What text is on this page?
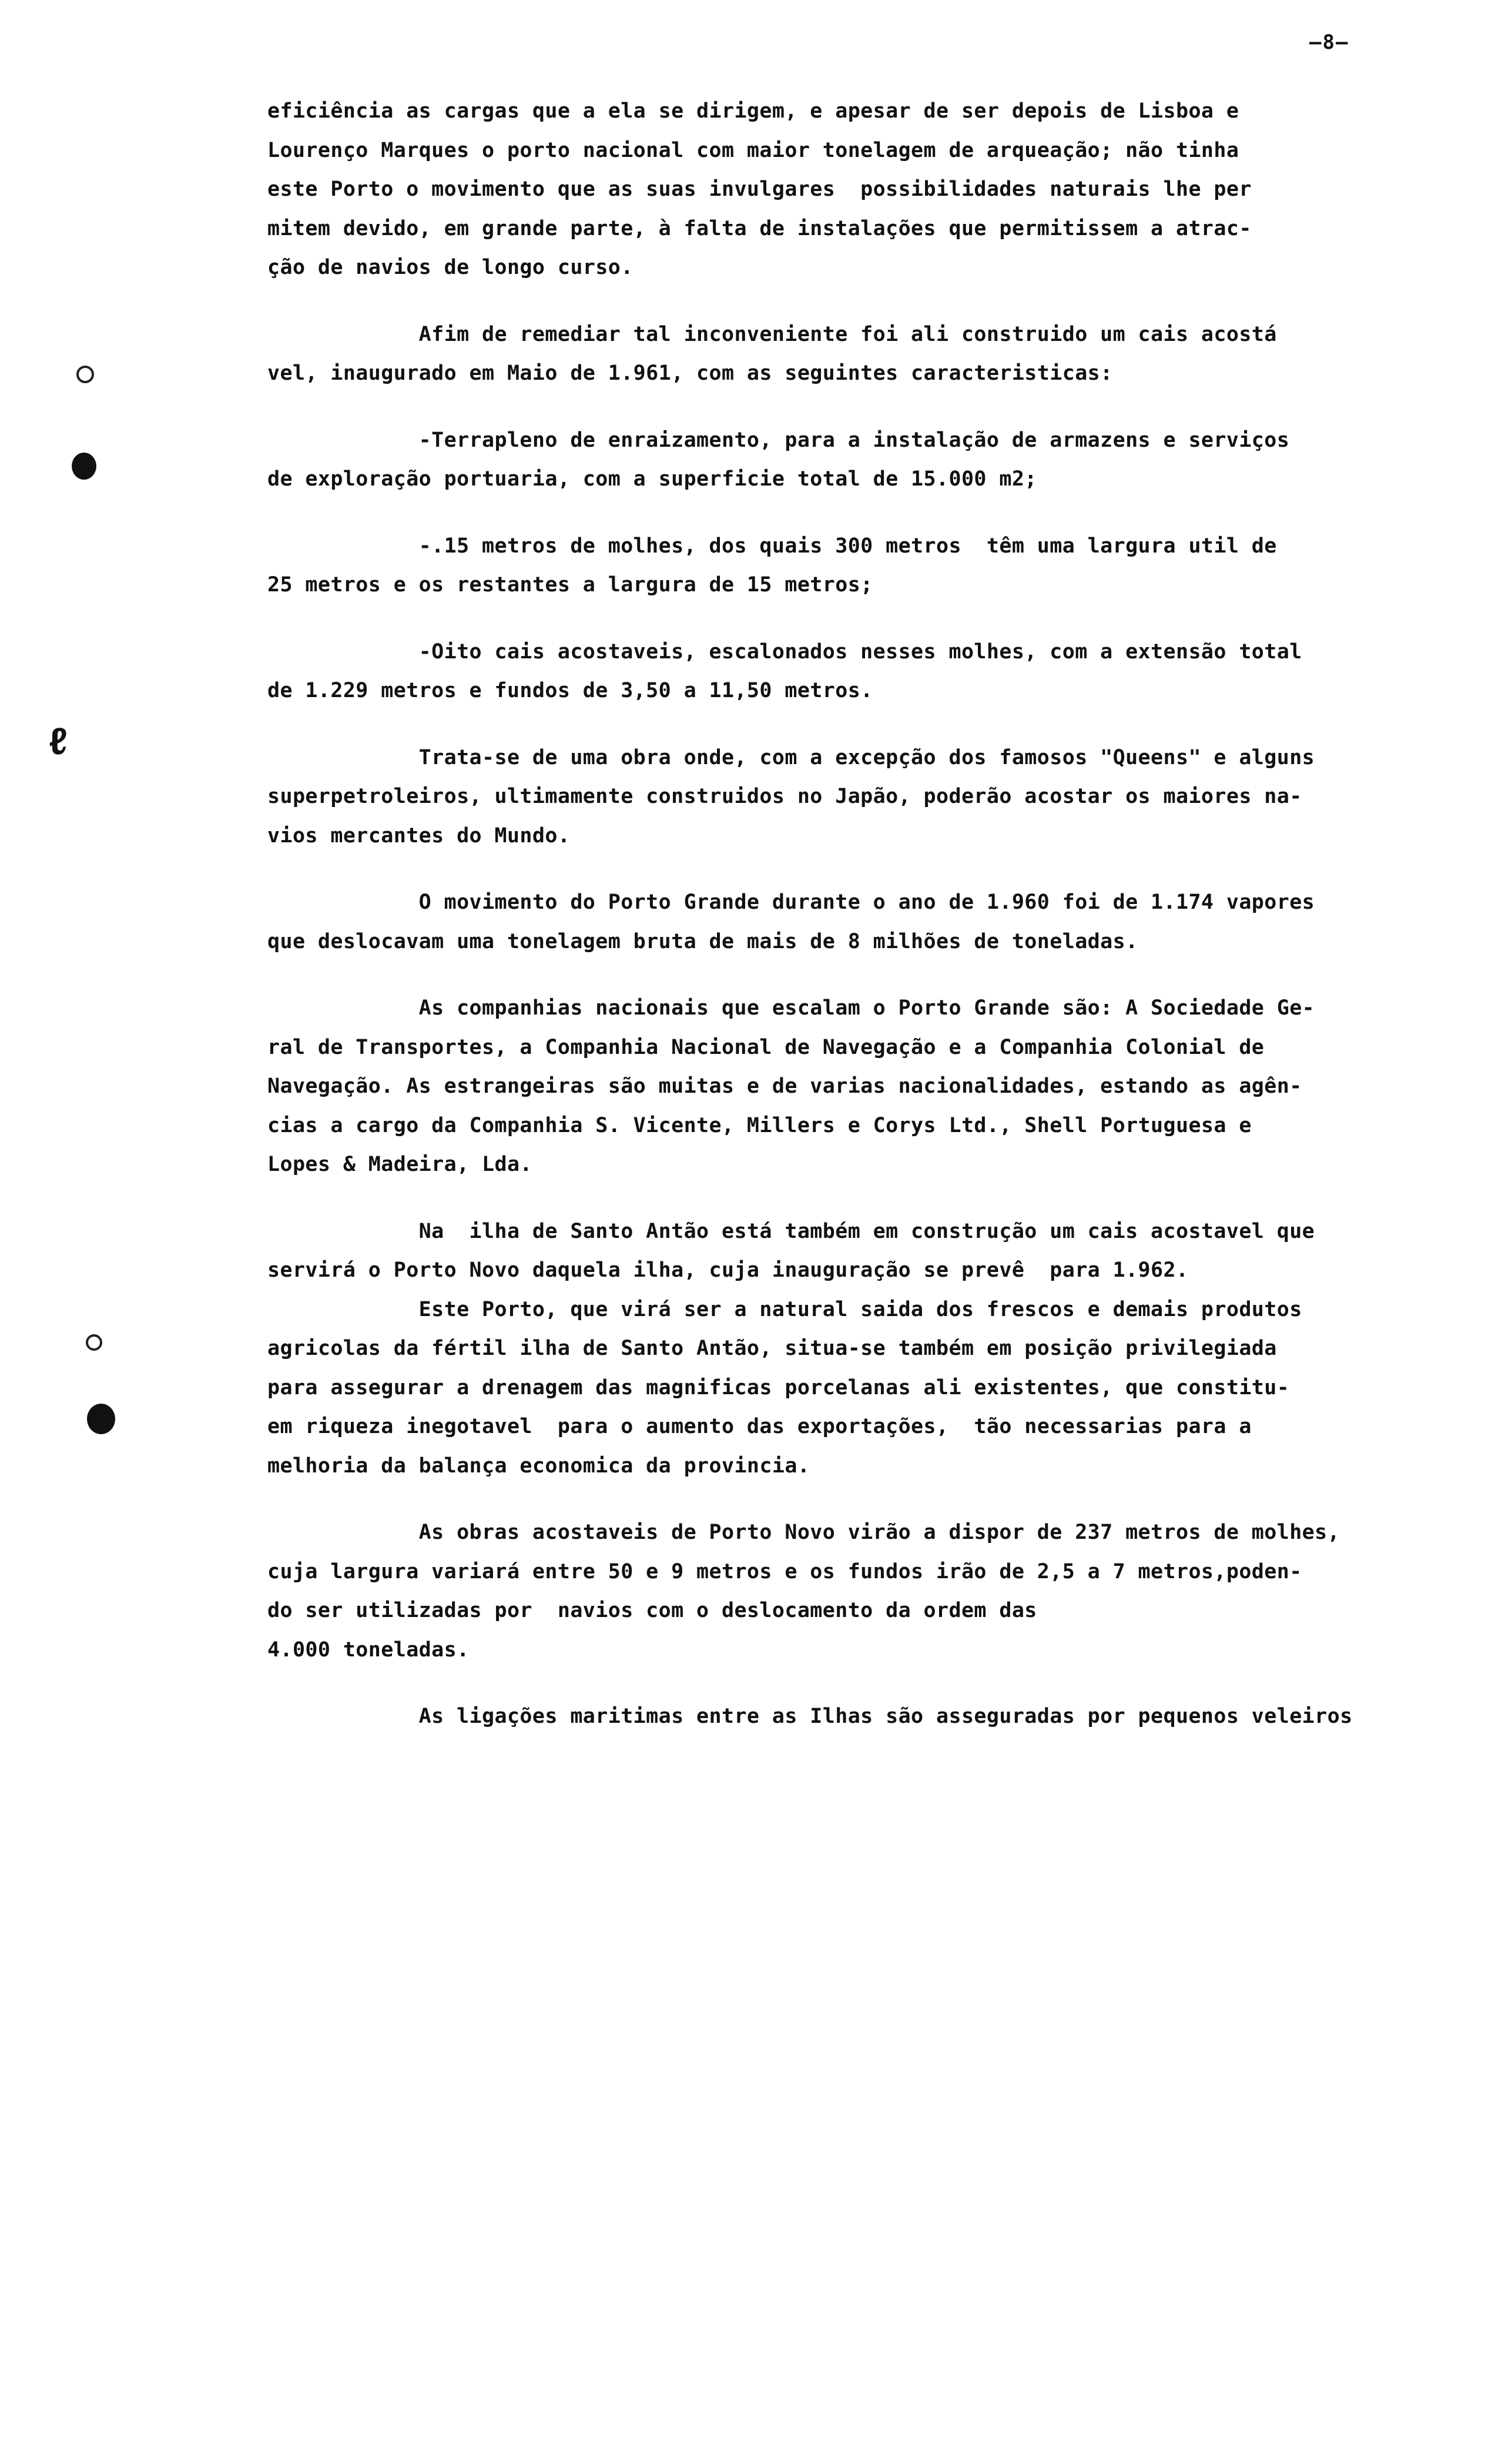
—8—
ℓ
eficiência as cargas que a ela se dirigem, e apesar de ser depois de Lisboa e
Lourenço Marques o porto nacional com maior tonelagem de arqueação; não tinha
este Porto o movimento que as suas invulgares  possibilidades naturais lhe per
mitem devido, em grande parte, à falta de instalações que permitissem a atrac-
ção de navios de longo curso.
Afim de remediar tal inconveniente foi ali construido um cais acostá
vel, inaugurado em Maio de 1.961, com as seguintes caracteristicas:
-Terrapleno de enraizamento, para a instalação de armazens e serviços
de exploração portuaria, com a superficie total de 15.000 m2;
-.15 metros de molhes, dos quais 300 metros  têm uma largura util de
25 metros e os restantes a largura de 15 metros;
-Oito cais acostaveis, escalonados nesses molhes, com a extensão total
de 1.229 metros e fundos de 3,50 a 11,50 metros.
Trata-se de uma obra onde, com a excepção dos famosos "Queens" e alguns
superpetroleiros, ultimamente construidos no Japão, poderão acostar os maiores na-
vios mercantes do Mundo.
O movimento do Porto Grande durante o ano de 1.960 foi de 1.174 vapores
que deslocavam uma tonelagem bruta de mais de 8 milhões de toneladas.
As companhias nacionais que escalam o Porto Grande são: A Sociedade Ge-
ral de Transportes, a Companhia Nacional de Navegação e a Companhia Colonial de
Navegação. As estrangeiras são muitas e de varias nacionalidades, estando as agên-
cias a cargo da Companhia S. Vicente, Millers e Corys Ltd., Shell Portuguesa e
Lopes & Madeira, Lda.
Na  ilha de Santo Antão está também em construção um cais acostavel que
servirá o Porto Novo daquela ilha, cuja inauguração se prevê  para 1.962.
Este Porto, que virá ser a natural saida dos frescos e demais produtos
agricolas da fértil ilha de Santo Antão, situa-se também em posição privilegiada
para assegurar a drenagem das magnificas porcelanas ali existentes, que constitu-
em riqueza inegotavel  para o aumento das exportações,  tão necessarias para a
melhoria da balança economica da provincia.
As obras acostaveis de Porto Novo virão a dispor de 237 metros de molhes,
cuja largura variará entre 50 e 9 metros e os fundos irão de 2,5 a 7 metros,poden-
do ser utilizadas por  navios com o deslocamento da ordem das
4.000 toneladas.
As ligações maritimas entre as Ilhas são asseguradas por pequenos veleiros
